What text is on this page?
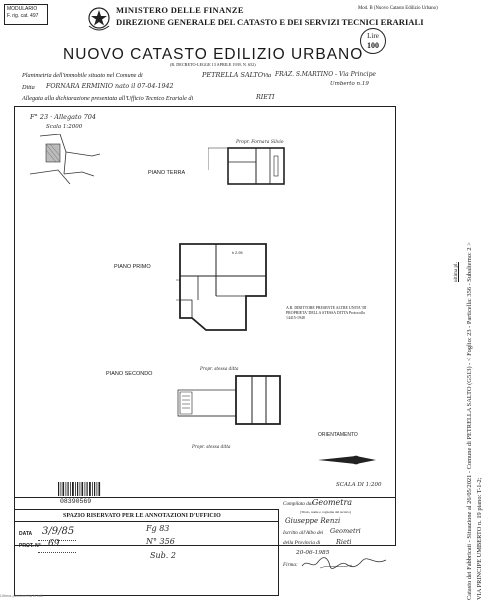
MODULARIO
F. rig. cat. 497
MINISTERO DELLE FINANZE
DIREZIONE GENERALE DEL CATASTO E DEI SERVIZI TECNICI ERARIALI
NUOVO CATASTO EDILIZIO URBANO
(R. DECRETO-LEGGE 13 APRILE 1939, N. 652)
Mod. B (Nuovo Catasto Edilizio Urbano)
Lire
100
Planimetria dell'immobile situato nel Comune di	PETRELLA SALTO Via FRAZ. S.MARTINO - Via Principe
Umberto n.19
Ditta FORNARA ERMINIO nato il 07-04-1942
Allegata alla dichiarazione presentata all'Ufficio Tecnico Erariale di	RIETI
F° 23 · Allegato 704
Scala 1:2000
PIANO TERRA
Propr. Fornara Silvio
PIANO PRIMO
h 2.95
A.R. DIRITTORE PRESENTE ALTRE UNITA' DI PROPRIETA' DELLA STESSA DITTA Protocollo 14415-1948
PIANO SECONDO
Propr. stessa ditta
Propr. stessa ditta
ORIENTAMENTO
SCALA DI 1:200
08390569
SPAZIO RISERVATO PER LE ANNOTAZIONI D'UFFICIO
DATA 3/9/85
PROT. N° 69
Fg 83
N° 356
Sub. 2
Compilata dal Geometra
(Titolo, nome e cognome del tecnico)
Giuseppe Renzi
Iscritto all'Albo dei Geometri
della Provincia di Rieti
20-06-1985
Firma:	Catasto dei Fabbricati - Situazione al 26/05/2021 - Comune di PETRELLA SALTO (G513) - < Foglio: 23 - Particella: 356 - Subalterno: 2 > VIA PRINCIPE UMBERTO n. 19 piano: T-1-2;
ultima pl.
Ultima planimetria in atti
